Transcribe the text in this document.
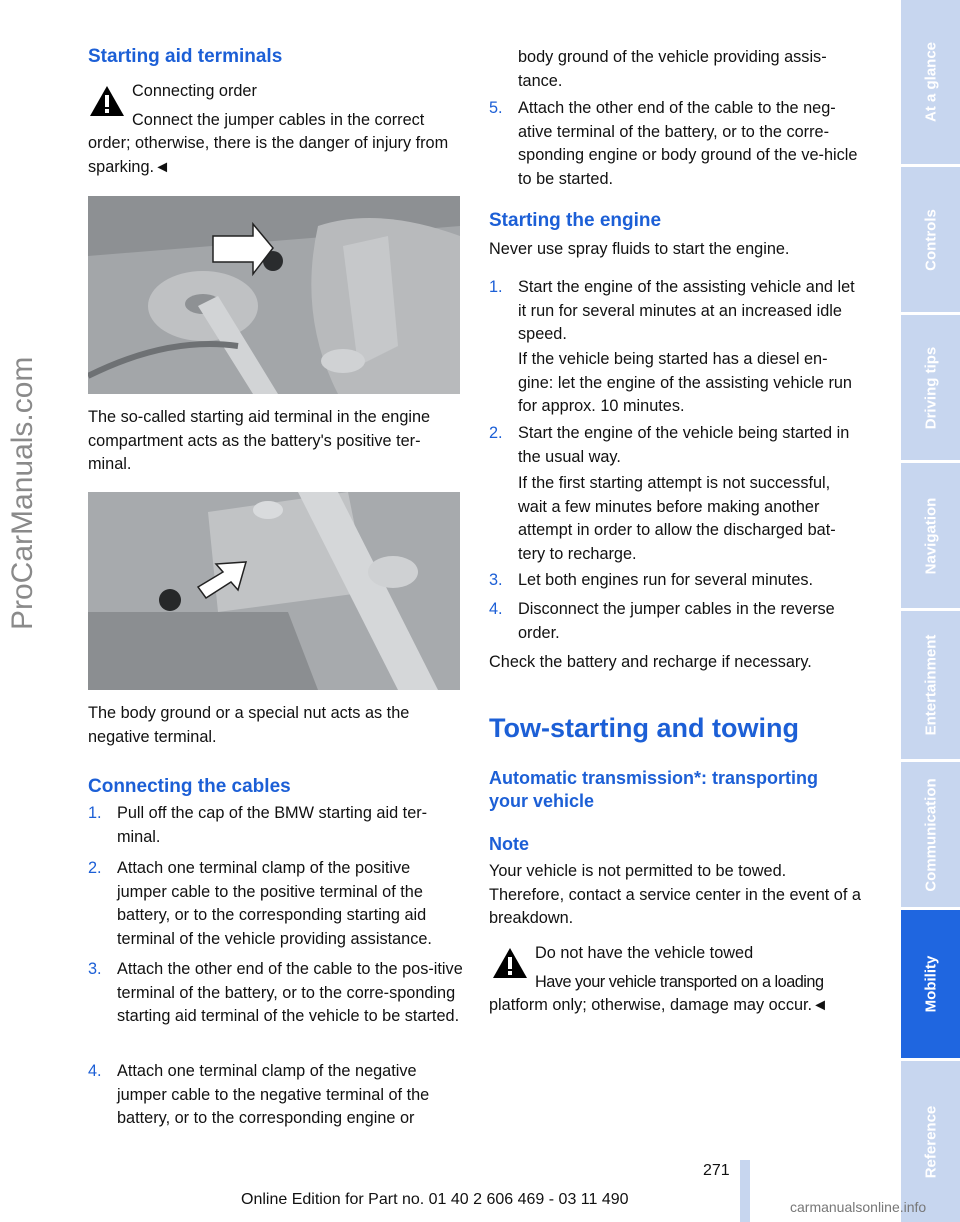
Starting aid terminals
Connecting order
Connect the jumper cables in the correct
order; otherwise, there is the danger of injury from sparking.◄
The so-called starting aid terminal in the engine compartment acts as the battery's positive ter-minal.
The body ground or a special nut acts as the negative terminal.
Connecting the cables
1. Pull off the cap of the BMW starting aid ter-minal.
2. Attach one terminal clamp of the positive jumper cable to the positive terminal of the battery, or to the corresponding starting aid terminal of the vehicle providing assistance.
3. Attach the other end of the cable to the pos-itive terminal of the battery, or to the corre-sponding starting aid terminal of the vehicle to be started.
4. Attach one terminal clamp of the negative jumper cable to the negative terminal of the battery, or to the corresponding engine or
body ground of the vehicle providing assis-tance.
5. Attach the other end of the cable to the neg-ative terminal of the battery, or to the corre-sponding engine or body ground of the ve-hicle to be started.
Starting the engine
Never use spray fluids to start the engine.
1. Start the engine of the assisting vehicle and let it run for several minutes at an increased idle speed.
If the vehicle being started has a diesel en-gine: let the engine of the assisting vehicle run for approx. 10 minutes.
2. Start the engine of the vehicle being started in the usual way.
If the first starting attempt is not successful, wait a few minutes before making another attempt in order to allow the discharged bat-tery to recharge.
3. Let both engines run for several minutes.
4. Disconnect the jumper cables in the reverse order.
Check the battery and recharge if necessary.
Tow-starting and towing
Automatic transmission*: transporting your vehicle
Note
Your vehicle is not permitted to be towed. Therefore, contact a service center in the event of a breakdown.
Do not have the vehicle towed
Have your vehicle transported on a loading
platform only; otherwise, damage may occur.◄
At a glance
Controls
Driving tips
Navigation
Entertainment
Communication
Mobility
Reference
ProCarManuals.com
271
Online Edition for Part no. 01 40 2 606 469 - 03 11 490	carmanualsonline.info
